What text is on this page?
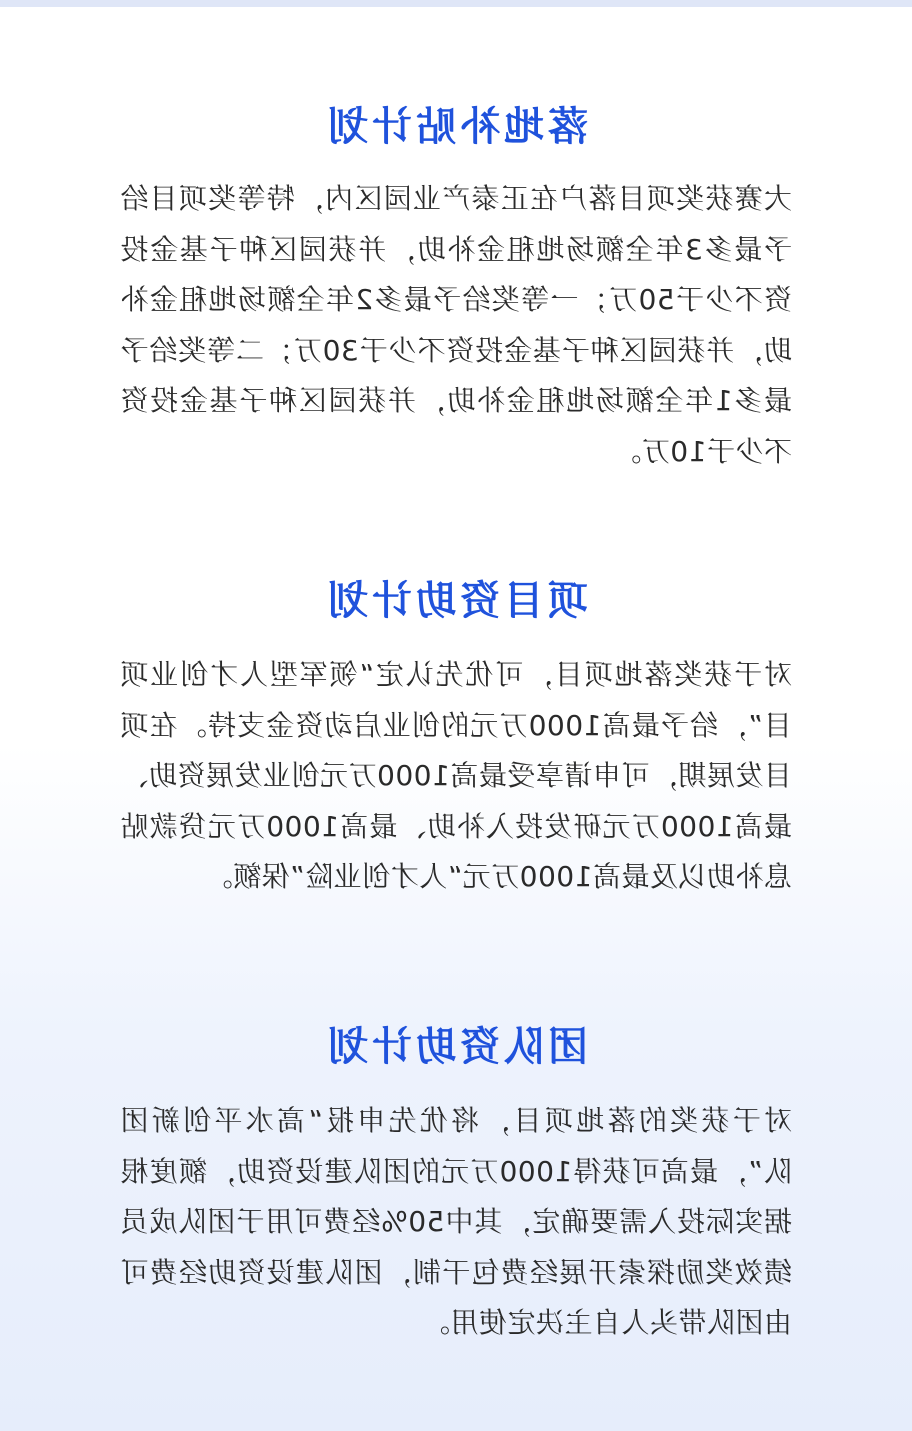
落地补贴计划

大赛获奖项目落户在正泰产业园区内，特等奖项目给予最多3年全额场地租金补助，并获园区种子基金投资不少于50万；一等奖给予最多2年全额场地租金补助，并获园区种子基金投资不少于30万；二等奖给予最多1年全额场地租金补助，并获园区种子基金投资不少于10万。

项目资助计划

对于获奖落地项目，可优先认定“领军型人才创业项目”，给予最高1000万元的创业启动资金支持。在项目发展期，可申请享受最高1000万元创业发展资助、最高1000万元研发投入补助、最高1000万元贷款贴息补助以及最高1000万元“人才创业险”保额。

团队资助计划

对于获奖的落地项目，将优先申报“高水平创新团队”，最高可获得1000万元的团队建设资助，额度根据实际投入需要确定，其中50%经费可用于团队成员绩效奖励探索开展经费包干制，团队建设资助经费可由团队带头人自主决定使用。
